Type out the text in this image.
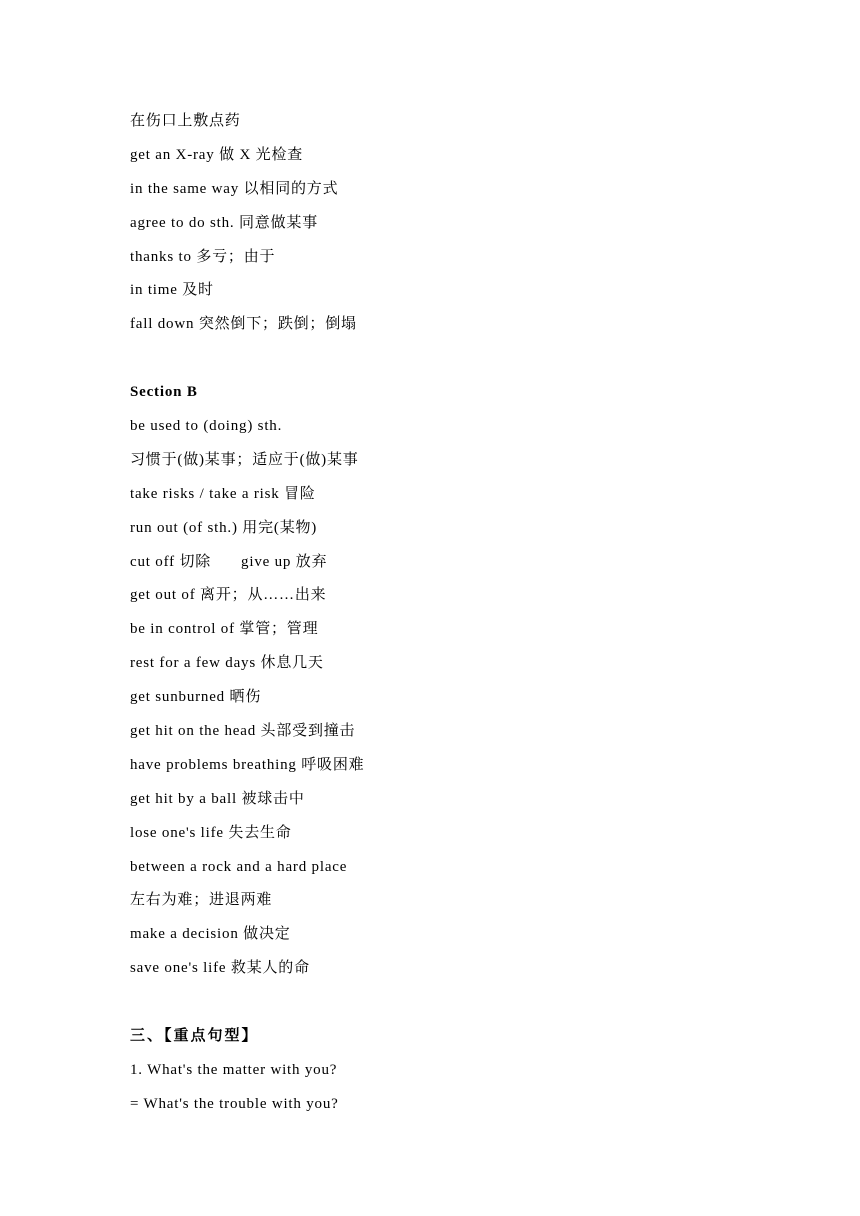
在伤口上敷点药
get an X-ray 做 X 光检查
in the same way 以相同的方式
agree to do sth. 同意做某事
thanks to 多亏；由于
in time 及时
fall down 突然倒下；跌倒；倒塌
Section B
be used to (doing) sth.
习惯于(做)某事；适应于(做)某事
take risks / take a risk 冒险
run out (of sth.) 用完(某物)
cut off 切除 give up 放弃
get out of 离开；从……出来
be in control of 掌管；管理
rest for a few days 休息几天
get sunburned 晒伤
get hit on the head 头部受到撞击
have problems breathing 呼吸困难
get hit by a ball 被球击中
lose one's life 失去生命
between a rock and a hard place
左右为难；进退两难
make a decision 做决定
save one's life 救某人的命
三、【重点句型】
1. What's the matter with you?
= What's the trouble with you?
